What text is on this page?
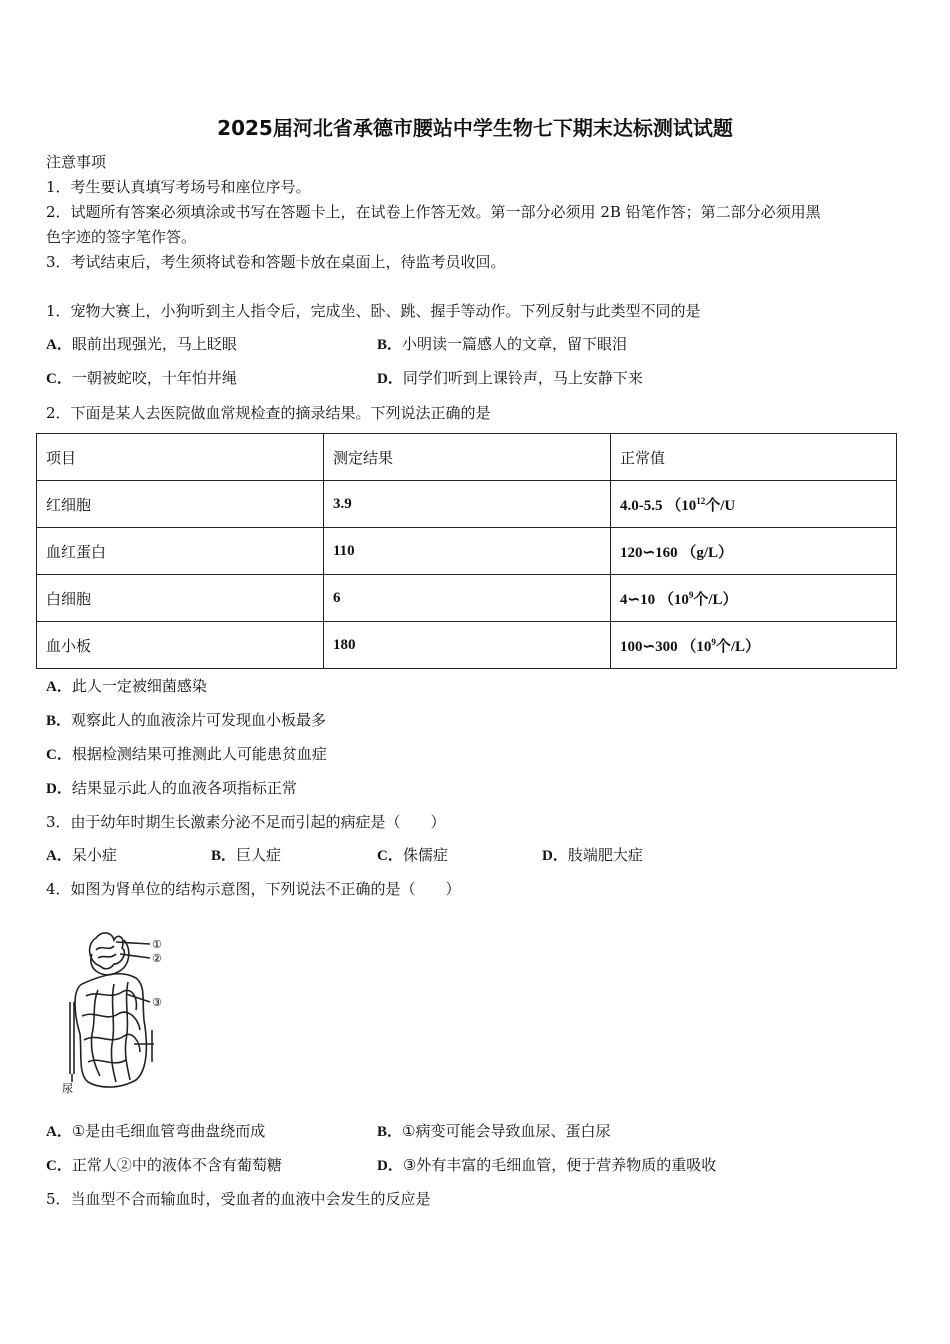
2025届河北省承德市腰站中学生物七下期末达标测试试题
注意事项
1．考生要认真填写考场号和座位序号。
2．试题所有答案必须填涂或书写在答题卡上，在试卷上作答无效。第一部分必须用 2B 铅笔作答；第二部分必须用黑
色字迹的签字笔作答。
3．考试结束后，考生须将试卷和答题卡放在桌面上，待监考员收回。
1．宠物大赛上，小狗听到主人指令后，完成坐、卧、跳、握手等动作。下列反射与此类型不同的是
A．眼前出现强光，马上眨眼	B．小明读一篇感人的文章，留下眼泪
C．一朝被蛇咬，十年怕井绳	D．同学们听到上课铃声，马上安静下来
2．下面是某人去医院做血常规检查的摘录结果。下列说法正确的是
项目	测定结果	正常值
红细胞	3.9	4.0-5.5 （$10^{12}$个/U
血红蛋白	110	120∽160 （g/L）
白细胞	6	4∽10 （$10^9$个/L）
血小板	180	100∽300 （$10^9$个/L）
A．此人一定被细菌感染
B．观察此人的血液涂片可发现血小板最多
C．根据检测结果可推测此人可能患贫血症
D．结果显示此人的血液各项指标正常
3．由于幼年时期生长激素分泌不足而引起的病症是（　　）
A．呆小症	B．巨人症	C．侏儒症	D．肢端肥大症
4．如图为肾单位的结构示意图，下列说法不正确的是（　　）
①
②
③
尿
A．①是由毛细血管弯曲盘绕而成	B．①病变可能会导致血尿、蛋白尿
C．正常人②中的液体不含有葡萄糖	D．③外有丰富的毛细血管，便于营养物质的重吸收
5．当血型不合而输血时，受血者的血液中会发生的反应是
